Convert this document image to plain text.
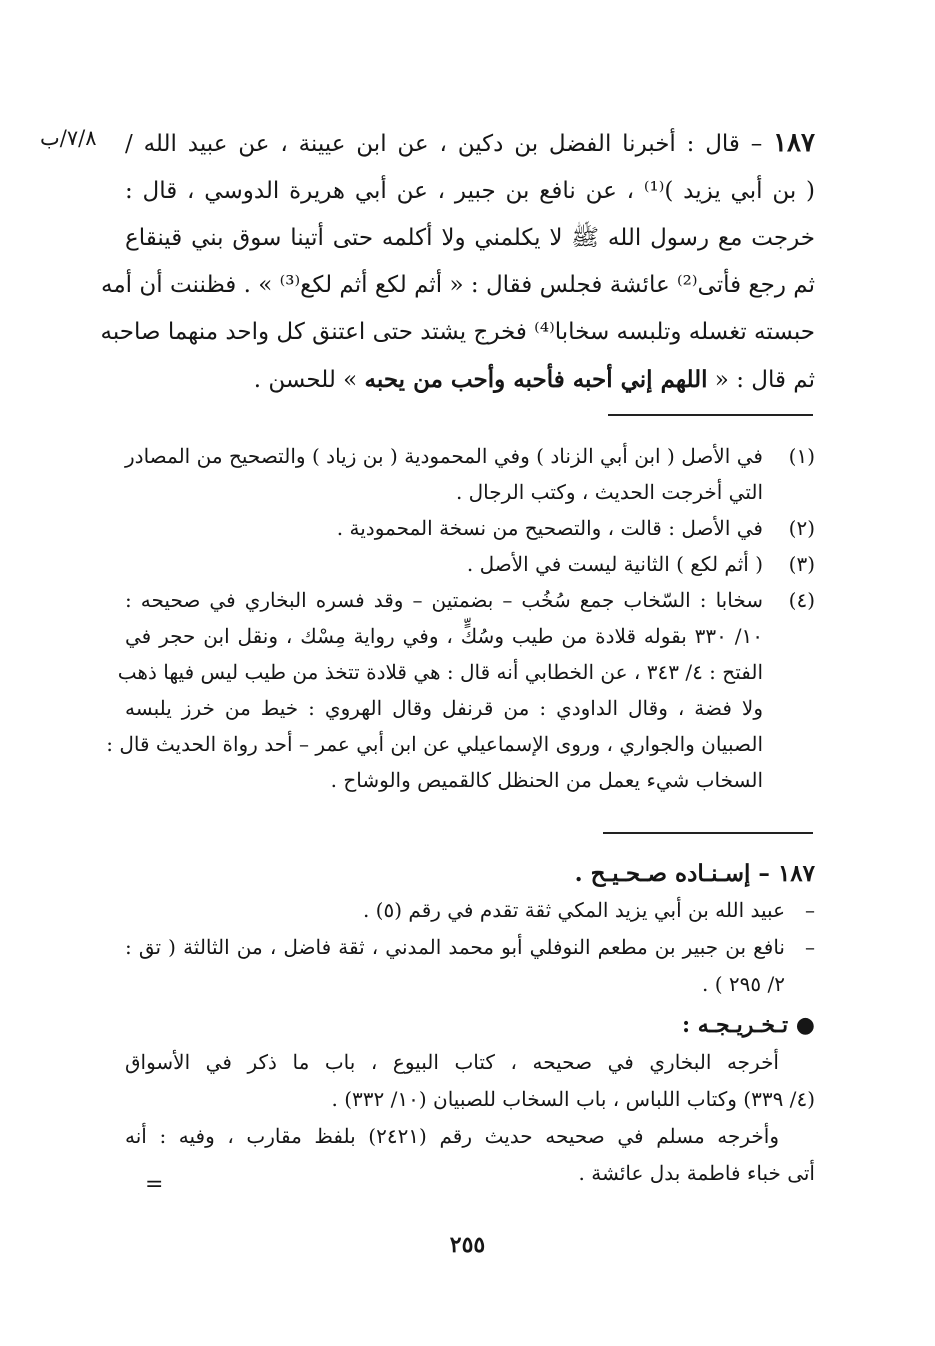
٧/٨/ب	١٨٧ – قال : أخبرنا الفضل بن دكين ، عن ابن عيينة ، عن عبيد الله /
( بن أبي يزيد )⁽¹⁾ ، عن نافع بن جبير ، عن أبي هريرة الدوسي ، قال :
خرجت مع رسول الله ﷺ لا يكلمني ولا أكلمه حتى أتينا سوق بني قينقاع
ثم رجع فأتى⁽²⁾ عائشة فجلس فقال : « أثم لكع أثم لكع⁽³⁾ » . فظننت أن أمه
حبسته تغسله وتلبسه سخابا⁽⁴⁾ فخرج يشتد حتى اعتنق كل واحد منهما صاحبه
ثم قال : « اللهم إني أحبه فأحبه وأحب من يحبه » للحسن .
(١)
في الأصل ( ابن أبي الزناد ) وفي المحمودية ( بن زياد ) والتصحيح من المصادر
التي أخرجت الحديث ، وكتب الرجال .
(٢)
في الأصل : قالت ، والتصحيح من نسخة المحمودية .
(٣)
( أثم لكع ) الثانية ليست في الأصل .
(٤)
سخابا : السّخاب جمع سُخُب – بضمتين – وقد فسره البخاري في صحيحه :
١٠/ ٣٣٠ بقوله قلادة من طيب وسُكٍّ ، وفي رواية مِسْك ، ونقل ابن حجر في
الفتح : ٤/ ٣٤٣ ، عن الخطابي أنه قال : هي قلادة تتخذ من طيب ليس فيها ذهب
ولا فضة ، وقال الداودي : من قرنفل وقال الهروي : خيط من خرز يلبسه
الصبيان والجواري ، وروى الإسماعيلي عن ابن أبي عمر – أحد رواة الحديث قال :
السخاب شيء يعمل من الحنظل كالقميص والوشاح .
١٨٧ – إسـنـاده صـحـيـح .
–
عبيد الله بن أبي يزيد المكي ثقة تقدم في رقم (٥) .
–
نافع بن جبير بن مطعم النوفلي أبو محمد المدني ، ثقة فاضل ، من الثالثة ( تق :
٢/ ٢٩٥ ) .
● تـخـريـجـه :
أخرجه البخاري في صحيحه ، كتاب البيوع ، باب ما ذكر في الأسواق
(٤/ ٣٣٩) وكتاب اللباس ، باب السخاب للصبيان (١٠/ ٣٣٢) .
وأخرجه مسلم في صحيحه حديث رقم (٢٤٢١) بلفظ مقارب ، وفيه : أنه
أتى خباء فاطمة بدل عائشة .
=
٢٥٥
